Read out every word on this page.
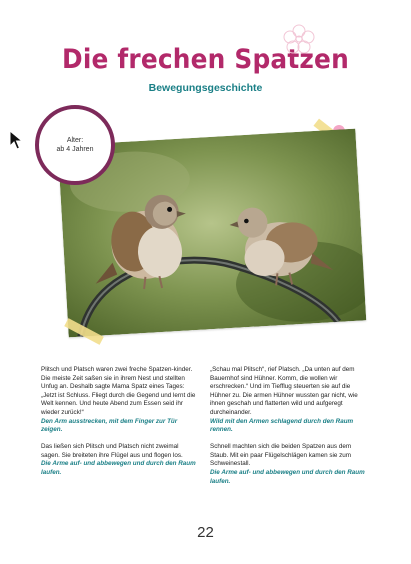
Die frechen Spatzen
Bewegungsgeschichte
Alter:
ab 4 Jahren

Plitsch und Platsch waren zwei freche Spatzen-kinder. Die meiste Zeit saßen sie in ihrem Nest und stellten Unfug an. Deshalb sagte Mama Spatz eines Tages: „Jetzt ist Schluss. Fliegt durch die Gegend und lernt die Welt kennen. Und heute Abend zum Essen seid ihr wieder zurück!“
Den Arm ausstrecken, mit dem Finger zur Tür zeigen.

Das ließen sich Plitsch und Platsch nicht zweimal sagen. Sie breiteten ihre Flügel aus und flogen los.
Die Arme auf- und abbewegen und durch den Raum laufen.

„Schau mal Plitsch“, rief Platsch. „Da unten auf dem Bauernhof sind Hühner. Komm, die wollen wir erschrecken.“ Und im Tiefflug steuerten sie auf die Hühner zu. Die armen Hühner wussten gar nicht, wie ihnen geschah und flatterten wild und aufgeregt durcheinander.
Wild mit den Armen schlagend durch den Raum rennen.

Schnell machten sich die beiden Spatzen aus dem Staub. Mit ein paar Flügelschlägen kamen sie zum Schweinestall.
Die Arme auf- und abbewegen und durch den Raum laufen.

22
